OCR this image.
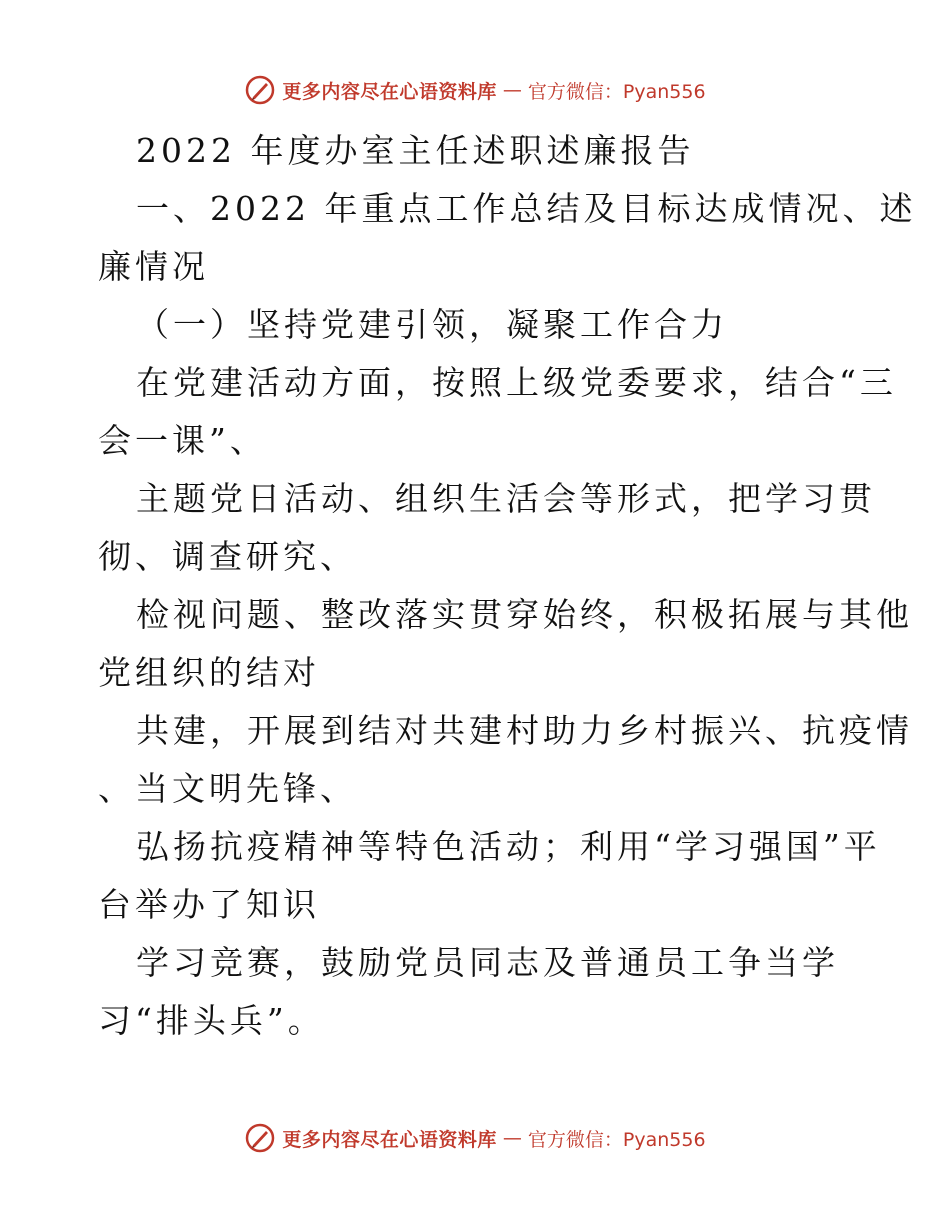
更多内容尽在心语资料库 — 官方微信：Pyan556
2022 年度办室主任述职述廉报告
一、2022 年重点工作总结及目标达成情况、述
廉情况
（一）坚持党建引领，凝聚工作合力
在党建活动方面，按照上级党委要求，结合“三
会一课”、
主题党日活动、组织生活会等形式，把学习贯
彻、调查研究、
检视问题、整改落实贯穿始终，积极拓展与其他
党组织的结对
共建，开展到结对共建村助力乡村振兴、抗疫情
、当文明先锋、
弘扬抗疫精神等特色活动；利用“学习强国”平
台举办了知识
学习竞赛，鼓励党员同志及普通员工争当学
习“排头兵”。
更多内容尽在心语资料库 — 官方微信：Pyan556
